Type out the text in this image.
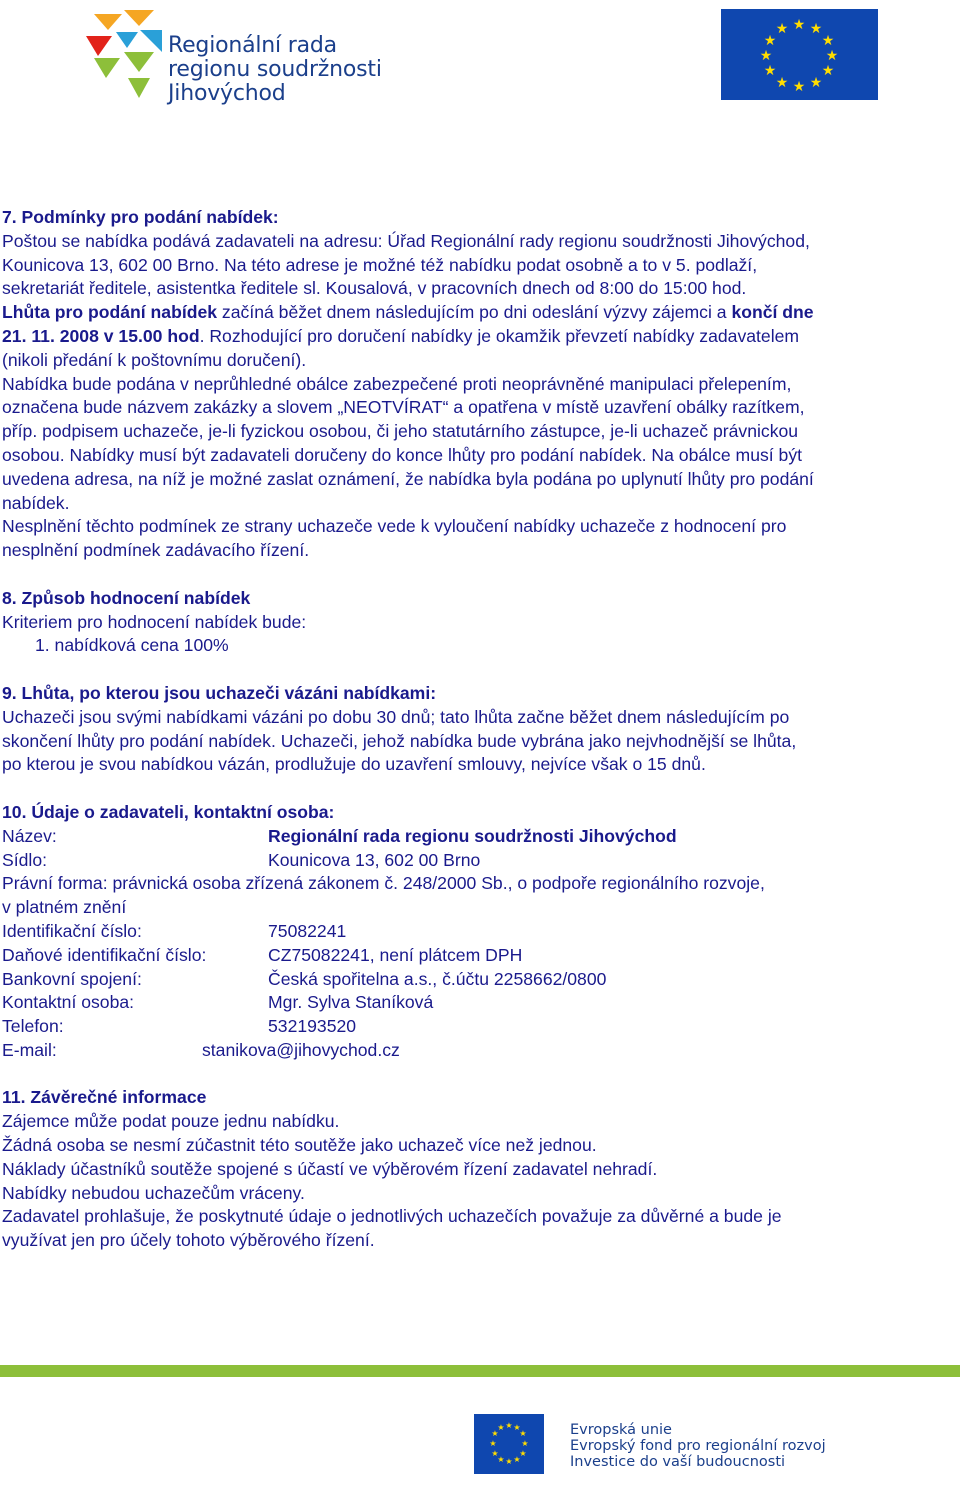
Regionální rada
regionu soudržnosti
Jihovýchod
★ ★
★
★
★
★
★
★
★
★
★
★

7. Podmínky pro podání nabídek:

Poštou se nabídka podává zadavateli na adresu: Úřad Regionální rady regionu soudržnosti Jihovýchod,

Kounicova 13, 602 00 Brno. Na této adrese je možné též nabídku podat osobně a to v 5. podlaží,

sekretariát ředitele, asistentka ředitele sl. Kousalová, v pracovních dnech od 8:00 do 15:00 hod.

Lhůta pro podání nabídek začíná běžet dnem následujícím po dni odeslání výzvy zájemci a končí dne

21. 11. 2008 v 15.00 hod. Rozhodující pro doručení nabídky je okamžik převzetí nabídky zadavatelem

(nikoli předání k poštovnímu doručení).

Nabídka bude podána v neprůhledné obálce zabezpečené proti neoprávněné manipulaci přelepením,

označena bude názvem zakázky a slovem „NEOTVÍRAT“ a opatřena v místě uzavření obálky razítkem,

příp. podpisem uchazeče, je-li fyzickou osobou, či jeho statutárního zástupce, je-li uchazeč právnickou

osobou. Nabídky musí být zadavateli doručeny do konce lhůty pro podání nabídek. Na obálce musí být

uvedena adresa, na níž je možné zaslat oznámení, že nabídka byla podána po uplynutí lhůty pro podání

nabídek.

Nesplnění těchto podmínek ze strany uchazeče vede k vyloučení nabídky uchazeče z hodnocení pro

nesplnění podmínek zadávacího řízení.

8. Způsob hodnocení nabídek

Kriteriem pro hodnocení nabídek bude:

1. nabídková cena 100%

9. Lhůta, po kterou jsou uchazeči vázáni nabídkami:

Uchazeči jsou svými nabídkami vázáni po dobu 30 dnů; tato lhůta začne běžet dnem následujícím po

skončení lhůty pro podání nabídek. Uchazeči, jehož nabídka bude vybrána jako nejvhodnější se lhůta,

po kterou je svou nabídkou vázán, prodlužuje do uzavření smlouvy, nejvíce však o 15 dnů.

10. Údaje o zadavateli, kontaktní osoba:

Název:	Regionální rada regionu soudržnosti Jihovýchod
Sídlo:	Kounicova 13, 602 00 Brno

Právní forma: právnická osoba zřízená zákonem č. 248/2000 Sb., o podpoře regionálního rozvoje,

v platném znění

Identifikační číslo:	75082241
Daňové identifikační číslo:	CZ75082241, není plátcem DPH
Bankovní spojení:	Česká spořitelna a.s., č.účtu 2258662/0800
Kontaktní osoba:	Mgr. Sylva Staníková
Telefon:	532193520
E-mail:	stanikova@jihovychod.cz

11. Závěrečné informace

Zájemce může podat pouze jednu nabídku.

Žádná osoba se nesmí zúčastnit této soutěže jako uchazeč více než jednou.

Náklady účastníků soutěže spojené s účastí ve výběrovém řízení zadavatel nehradí.

Nabídky nebudou uchazečům vráceny.

Zadavatel prohlašuje, že poskytnuté údaje o jednotlivých uchazečích považuje za důvěrné a bude je

využívat jen pro účely tohoto výběrového řízení.

★ ★
★
★
★
★
★
★
★
★
★
★	Evropská unie
Evropský fond pro regionální rozvoj
Investice do vaší budoucnosti
